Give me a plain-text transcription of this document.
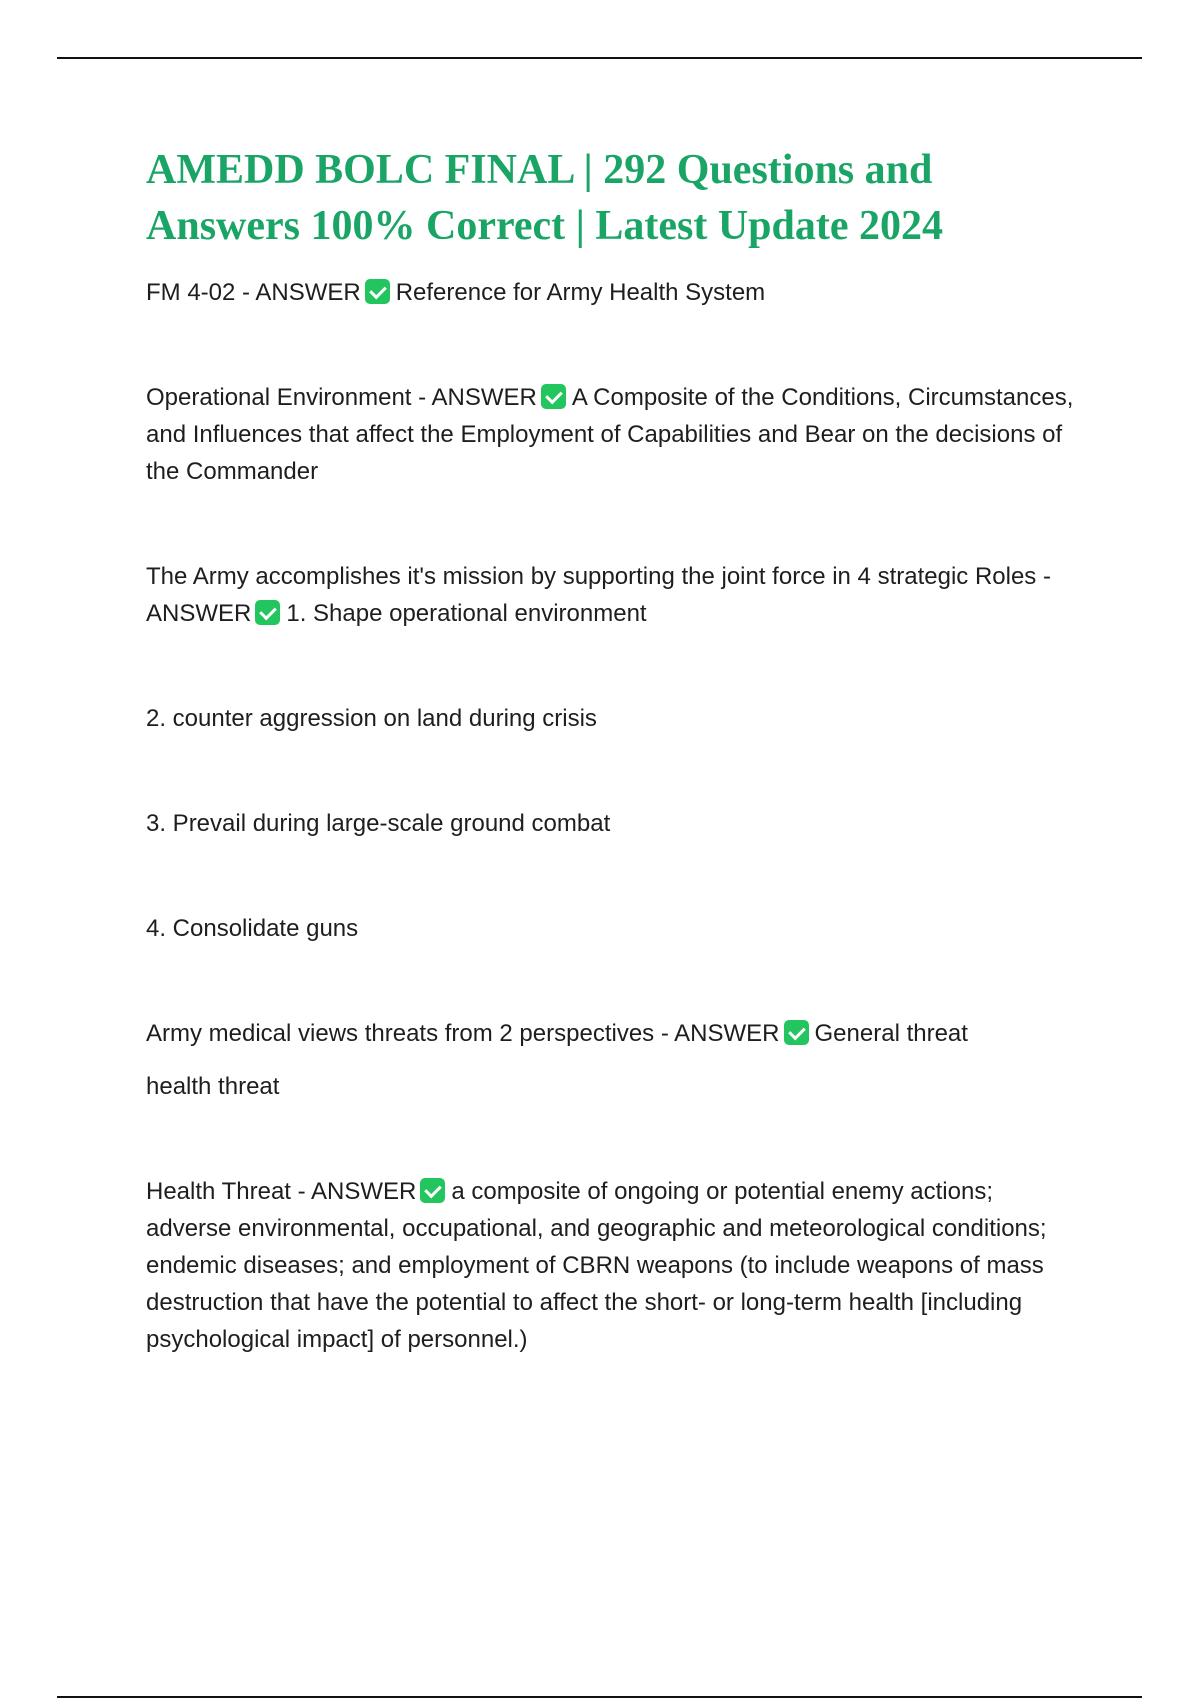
AMEDD BOLC FINAL | 292 Questions and Answers 100% Correct | Latest Update 2024

FM 4-02 - ANSWER Reference for Army Health System

Operational Environment - ANSWER A Composite of the Conditions, Circumstances, and Influences that affect the Employment of Capabilities and Bear on the decisions of the Commander

The Army accomplishes it's mission by supporting the joint force in 4 strategic Roles - ANSWER 1. Shape operational environment

2. counter aggression on land during crisis

3. Prevail during large-scale ground combat

4. Consolidate guns

Army medical views threats from 2 perspectives - ANSWER General threat

health threat

Health Threat - ANSWER a composite of ongoing or potential enemy actions; adverse environmental, occupational, and geographic and meteorological conditions; endemic diseases; and employment of CBRN weapons (to include weapons of mass destruction that have the potential to affect the short- or long-term health [including psychological impact] of personnel.)
